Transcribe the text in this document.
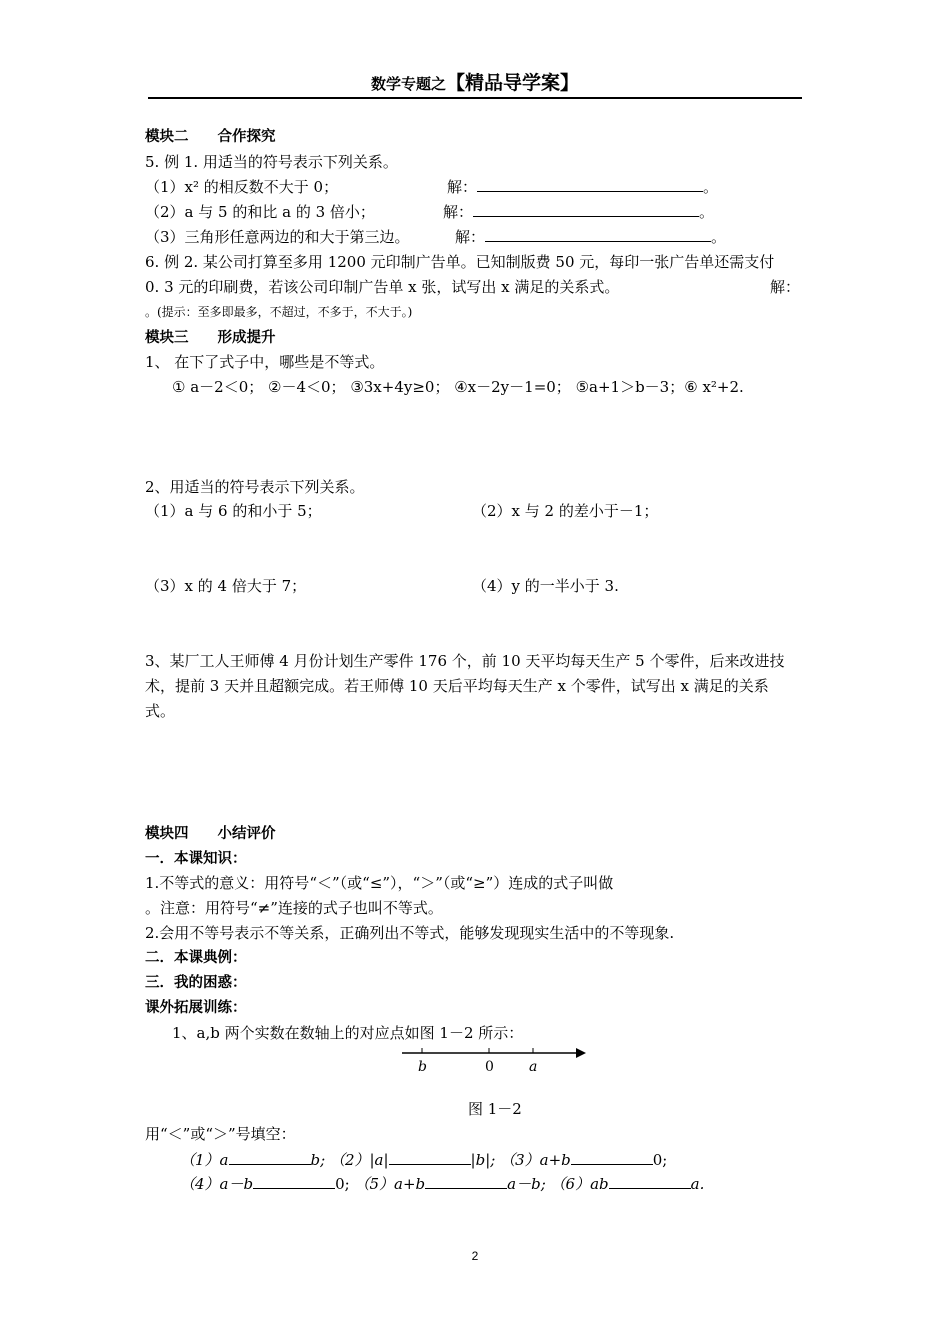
数学专题之【精品导学案】
模块二　　合作探究
5. 例 1. 用适当的符号表示下列关系。
（1）x² 的相反数不大于 0；	解：	。
（2）a 与 5 的和比 a 的 3 倍小；	解：	。
（3）三角形任意两边的和大于第三边。	解：	。
6. 例 2. 某公司打算至多用 1200 元印制广告单。已知制版费 50 元，每印一张广告单还需支付
0. 3 元的印刷费，若该公司印制广告单 x 张，试写出 x 满足的关系式。	解：
。(提示：至多即最多，不超过，不多于，不大于。)
模块三　　形成提升
1、 在下了式子中，哪些是不等式。
① a－2＜0； ②－4＜0； ③3x+4y≥0； ④x－2y－1=0； ⑤a+1＞b－3；⑥ x²+2.
2、用适当的符号表示下列关系。
（1）a 与 6 的和小于 5；	（2）x 与 2 的差小于－1；
（3）x 的 4 倍大于 7；	（4）y 的一半小于 3.
3、某厂工人王师傅 4 月份计划生产零件 176 个，前 10 天平均每天生产 5 个零件，后来改进技
术，提前 3 天并且超额完成。若王师傅 10 天后平均每天生产 x 个零件，试写出 x 满足的关系
式。
模块四　　小结评价
一．本课知识：
1.不等式的意义：用符号“＜”（或“≤”），“＞”（或“≥”）连成的式子叫做
。注意：用符号“≠”连接的式子也叫不等式。
2.会用不等号表示不等关系，正确列出不等式，能够发现现实生活中的不等现象.
二．本课典例：
三．我的困惑：
课外拓展训练：
1、a,b 两个实数在数轴上的对应点如图 1－2 所示：
b	0	a
图 1－2
用“＜”或“＞”号填空：
（1）a	b; （2）|a|	|b|; （3）a+b	0;
（4）a－b	0; （5）a+b	a－b; （6）ab	a.
2
